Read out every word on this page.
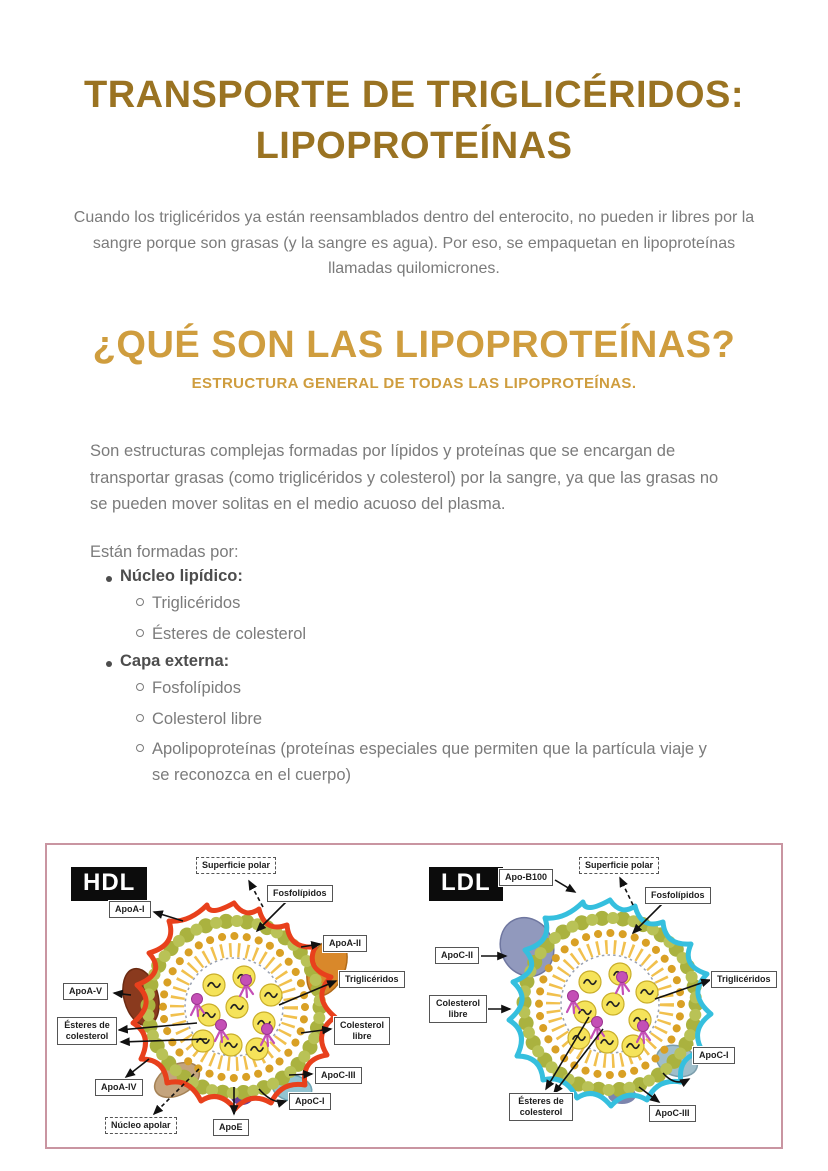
TRANSPORTE DE TRIGLICÉRIDOS:
LIPOPROTEÍNAS

Cuando los triglicéridos ya están reensamblados dentro del enterocito, no pueden ir libres por la sangre porque son grasas (y la sangre es agua). Por eso, se empaquetan en lipoproteínas llamadas quilomicrones.

¿QUÉ SON LAS LIPOPROTEÍNAS?
ESTRUCTURA GENERAL DE TODAS LAS LIPOPROTEÍNAS.

Son estructuras complejas formadas por lípidos y proteínas que se encargan de transportar grasas (como triglicéridos y colesterol) por la sangre, ya que las grasas no se pueden mover solitas en el medio acuoso del plasma.

Están formadas por:

Núcleo lipídico:
Triglicéridos
Ésteres de colesterol
Capa externa:
Fosfolípidos
Colesterol libre
Apolipoproteínas (proteínas especiales que permiten que la partícula viaje y se reconozca en el cuerpo)
HDL
Superficie polar
Fosfolípidos
ApoA-I
ApoA-II
ApoA-V
Triglicéridos
Ésteres de colesterol
Colesterol libre
ApoA-IV
ApoC-III
ApoC-I
Núcleo apolar	ApoE
LDL	Apo-B100
Superficie polar
Fosfolípidos
ApoC-II
Colesterol libre
Triglicéridos
ApoC-I
Ésteres de colesterol	ApoC-III
